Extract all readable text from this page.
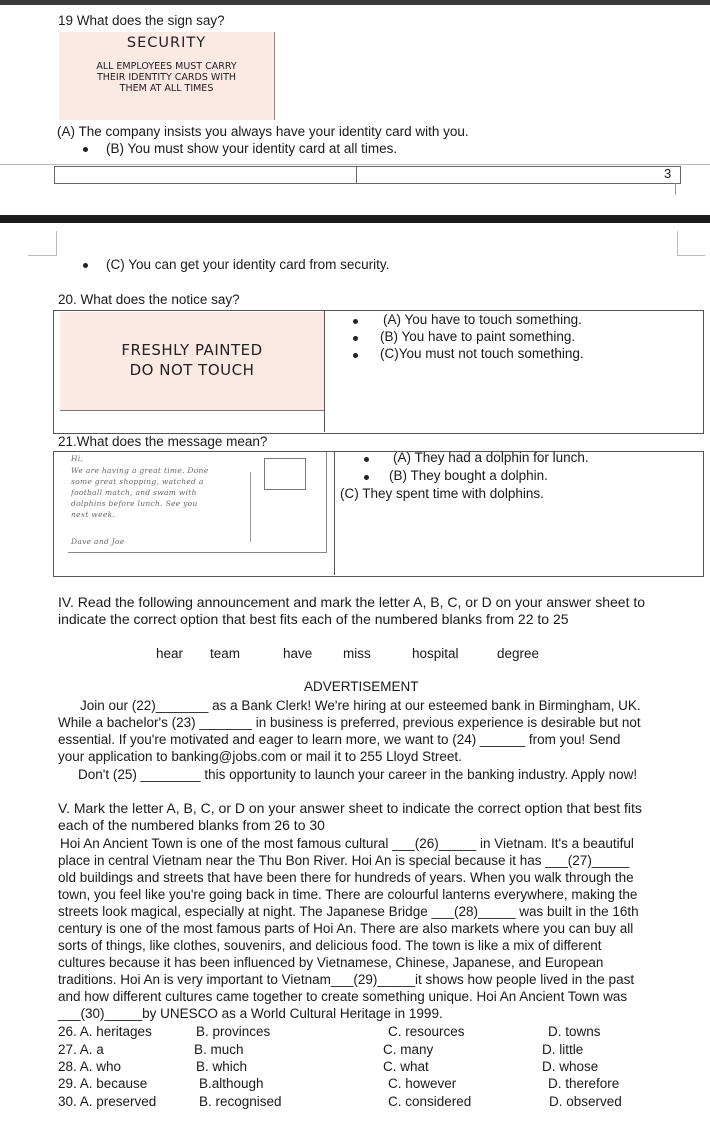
19 What does the sign say?
SECURITY
ALL EMPLOYEES MUST CARRY
THEIR IDENTITY CARDS WITH
THEM AT ALL TIMES
(A) The company insists you always have your identity card with you.
(B) You must show your identity card at all times.
3
(C) You can get your identity card from security.
20. What does the notice say?
FRESHLY PAINTED
DO NOT TOUCH
(A) You have to touch something.
(B) You have to paint something.
(C)You must not touch something.
21.What does the message mean?
Hi,
We are having a great time. Done
some great shopping, watched a
football match, and swam with
dolphins before lunch. See you
next week.
Dave and Joe
(A) They had a dolphin for lunch.
(B) They bought a dolphin.
(C) They spent time with dolphins.
IV. Read the following announcement and mark the letter A, B, C, or D on your answer sheet to
indicate the correct option that best fits each of the numbered blanks from 22 to 25
hear team	have miss	hospital	degree
ADVERTISEMENT
Join our (22)_______ as a Bank Clerk! We're hiring at our esteemed bank in Birmingham, UK.
While a bachelor's (23) _______ in business is preferred, previous experience is desirable but not
essential. If you're motivated and eager to learn more, we want to (24) ______ from you! Send
your application to banking@jobs.com or mail it to 255 Lloyd Street.
Don't (25) ________ this opportunity to launch your career in the banking industry. Apply now!
V. Mark the letter A, B, C, or D on your answer sheet to indicate the correct option that best fits
each of the numbered blanks from 26 to 30
Hoi An Ancient Town is one of the most famous cultural ___(26)_____ in Vietnam. It's a beautiful
place in central Vietnam near the Thu Bon River. Hoi An is special because it has ___(27)_____
old buildings and streets that have been there for hundreds of years. When you walk through the
town, you feel like you're going back in time. There are colourful lanterns everywhere, making the
streets look magical, especially at night. The Japanese Bridge ___(28)_____ was built in the 16th
century is one of the most famous parts of Hoi An. There are also markets where you can buy all
sorts of things, like clothes, souvenirs, and delicious food. The town is like a mix of different
cultures because it has been influenced by Vietnamese, Chinese, Japanese, and European
traditions. Hoi An is very important to Vietnam___(29)_____it shows how people lived in the past
and how different cultures came together to create something unique. Hoi An Ancient Town was
___(30)_____by UNESCO as a World Cultural Heritage in 1999.
26. A. heritages	B. provinces	C. resources	D. towns
27. A. a	B. much	C. many	D. little
28. A. who	B. which	C. what	D. whose
29. A. because	B.although	C. however	D. therefore
30. A. preserved	B. recognised	C. considered	D. observed
